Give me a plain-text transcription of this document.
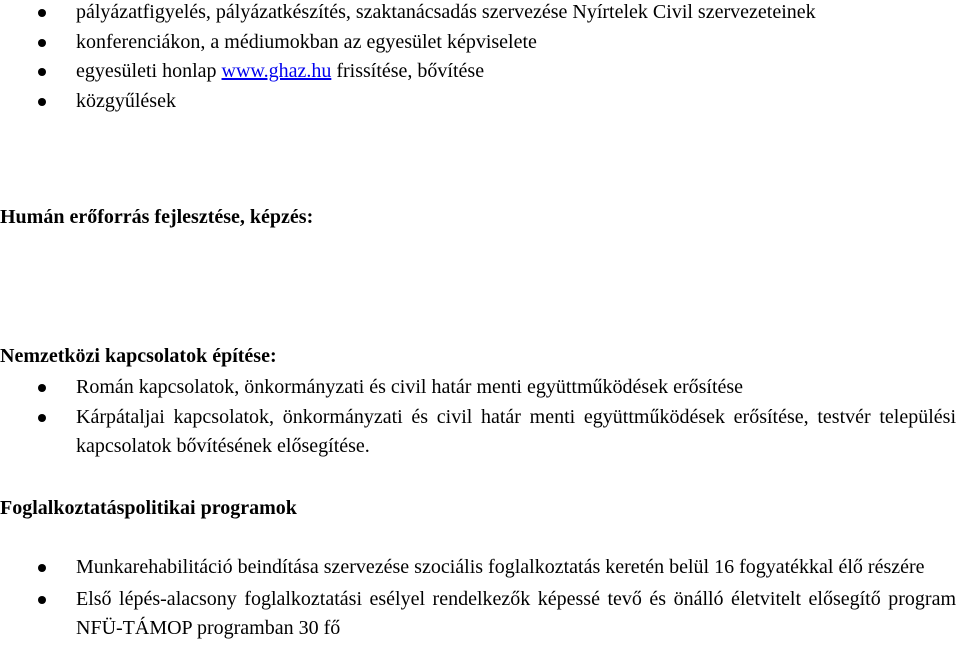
pályázatfigyelés, pályázatkészítés, szaktanácsadás szervezése Nyírtelek Civil szervezeteinek
konferenciákon, a médiumokban az egyesület képviselete
egyesületi honlap www.ghaz.hu frissítése, bővítése
közgyűlések
Humán erőforrás fejlesztése, képzés:
Nemzetközi kapcsolatok építése:
Román kapcsolatok, önkormányzati és civil határ menti együttműködések erősítése
Kárpátaljai kapcsolatok, önkormányzati és civil határ menti együttműködések erősítése, testvér települési kapcsolatok bővítésének elősegítése.
Foglalkoztatáspolitikai programok
Munkarehabilitáció beindítása szervezése szociális foglalkoztatás keretén belül 16 fogyatékkal élő részére
Első lépés-alacsony foglalkoztatási esélyel rendelkezők képessé tevő és önálló életvitelt elősegítő program NFÜ-TÁMOP programban 30 fő
